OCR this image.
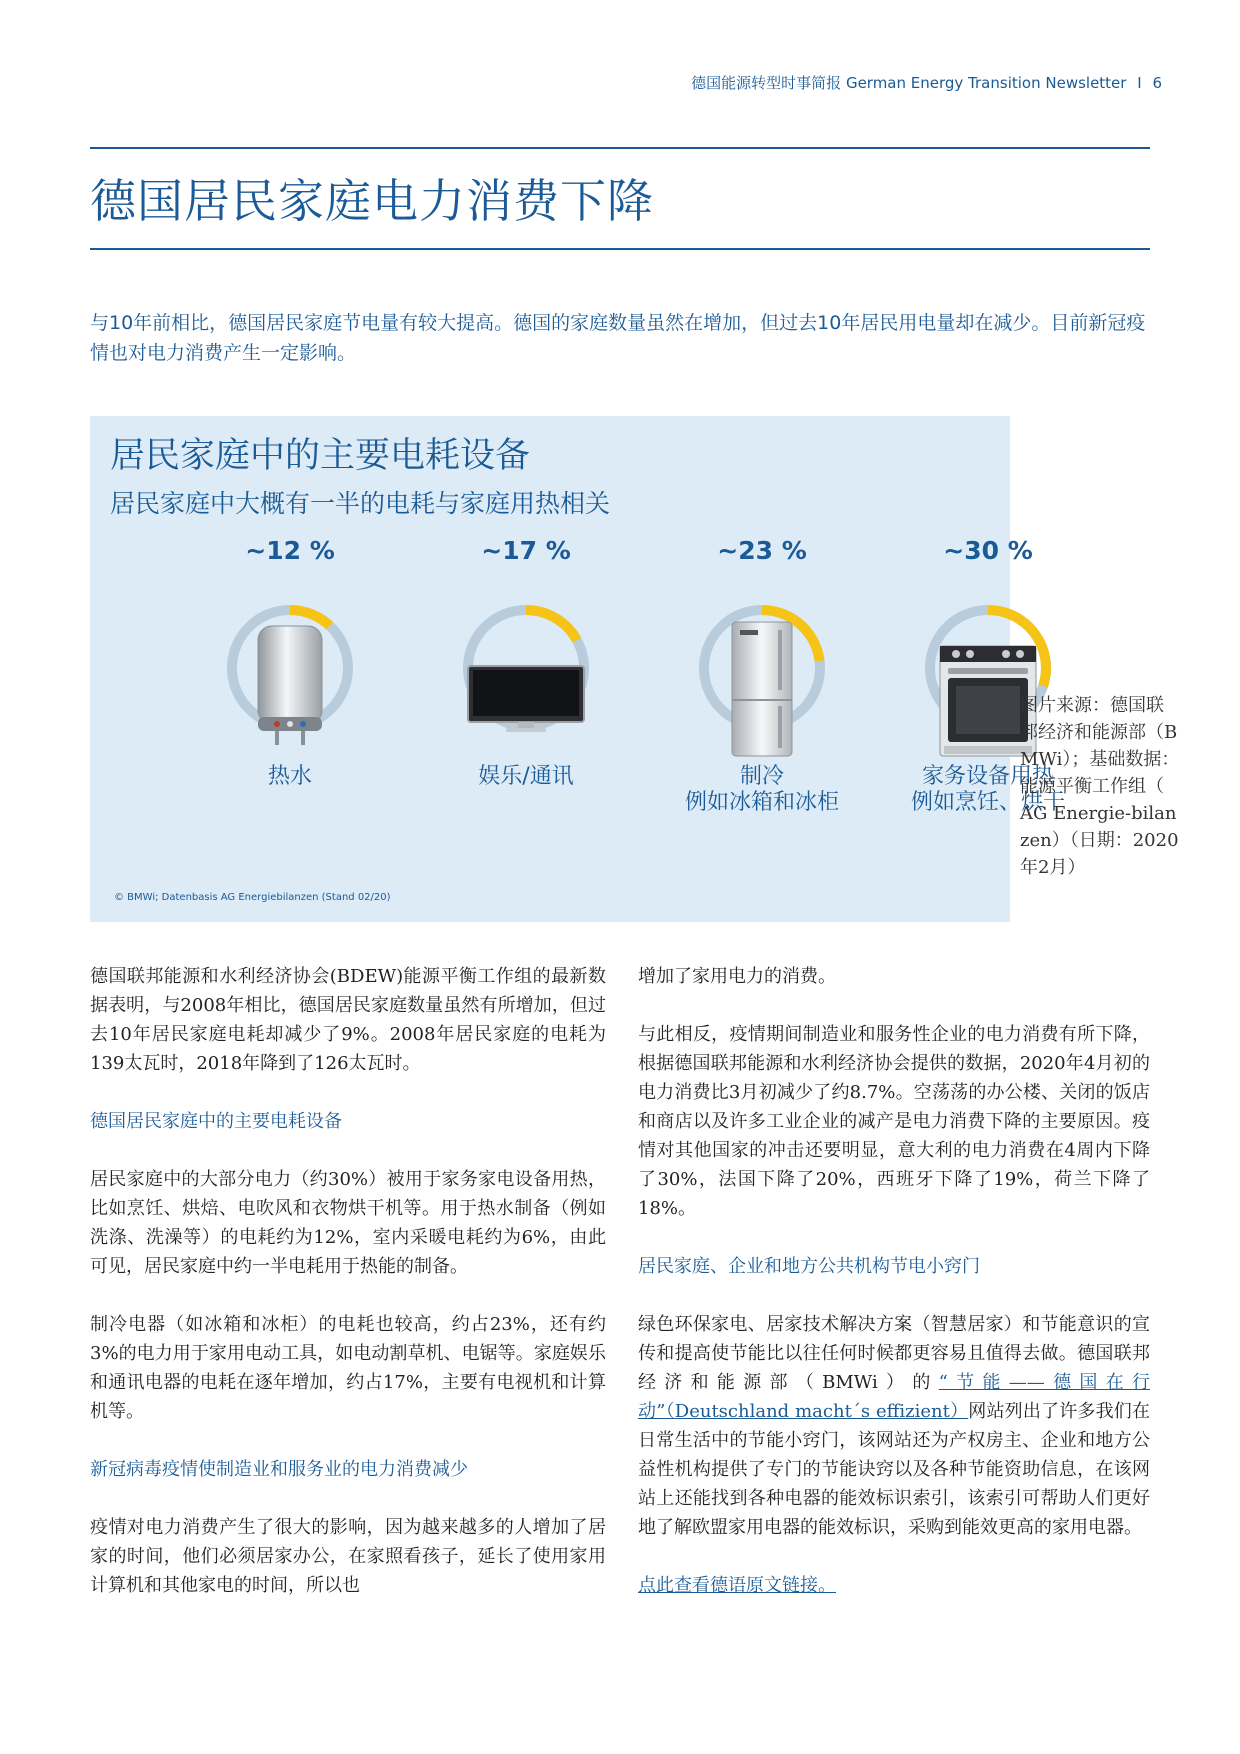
德国能源转型时事简报 German Energy Transition Newsletter I 6
德国居民家庭电力消费下降
与10年前相比，德国居民家庭节电量有较大提高。德国的家庭数量虽然在增加，但过去10年居民用电量却在减少。目前新冠疫情也对电力消费产生一定影响。
居民家庭中的主要电耗设备
居民家庭中大概有一半的电耗与家庭用热相关
~12 %
热水
~17 %
娱乐/通讯
~23 %
制冷
例如冰箱和冰柜
~30 %
家务设备用热
例如烹饪、烘干
© BMWi; Datenbasis AG Energiebilanzen (Stand 02/20)
图片来源：德国联邦经济和能源部（BMWi）；基础数据：能源平衡工作组（ AG Energie-bilanzen）（日期：2020年2月）

德国联邦能源和水利经济协会(BDEW)能源平衡工作组的最新数据表明，与2008年相比，德国居民家庭数量虽然有所增加，但过去10年居民家庭电耗却减少了9%。2008年居民家庭的电耗为139太瓦时，2018年降到了126太瓦时。

德国居民家庭中的主要电耗设备

居民家庭中的大部分电力（约30%）被用于家务家电设备用热，比如烹饪、烘焙、电吹风和衣物烘干机等。用于热水制备（例如洗涤、洗澡等）的电耗约为12%，室内采暖电耗约为6%，由此可见，居民家庭中约一半电耗用于热能的制备。

制冷电器（如冰箱和冰柜）的电耗也较高，约占23%，还有约3%的电力用于家用电动工具，如电动割草机、电锯等。家庭娱乐和通讯电器的电耗在逐年增加，约占17%，主要有电视机和计算机等。

新冠病毒疫情使制造业和服务业的电力消费减少

疫情对电力消费产生了很大的影响，因为越来越多的人增加了居家的时间，他们必须居家办公，在家照看孩子，延长了使用家用计算机和其他家电的时间，所以也

增加了家用电力的消费。

与此相反，疫情期间制造业和服务性企业的电力消费有所下降，根据德国联邦能源和水利经济协会提供的数据，2020年4月初的电力消费比3月初减少了约8.7%。空荡荡的办公楼、关闭的饭店和商店以及许多工业企业的减产是电力消费下降的主要原因。疫情对其他国家的冲击还要明显，意大利的电力消费在4周内下降了30%，法国下降了20%，西班牙下降了19%，荷兰下降了18%。

居民家庭、企业和地方公共机构节电小窍门

绿色环保家电、居家技术解决方案（智慧居家）和节能意识的宣传和提高使节能比以往任何时候都更容易且值得去做。德国联邦经济和能源部（BMWi）的“节能——德国在行动”（Deutschland macht´s effizient）网站列出了许多我们在日常生活中的节能小窍门，该网站还为产权房主、企业和地方公益性机构提供了专门的节能诀窍以及各种节能资助信息，在该网站上还能找到各种电器的能效标识索引，该索引可帮助人们更好地了解欧盟家用电器的能效标识，采购到能效更高的家用电器。

点此查看德语原文链接。
